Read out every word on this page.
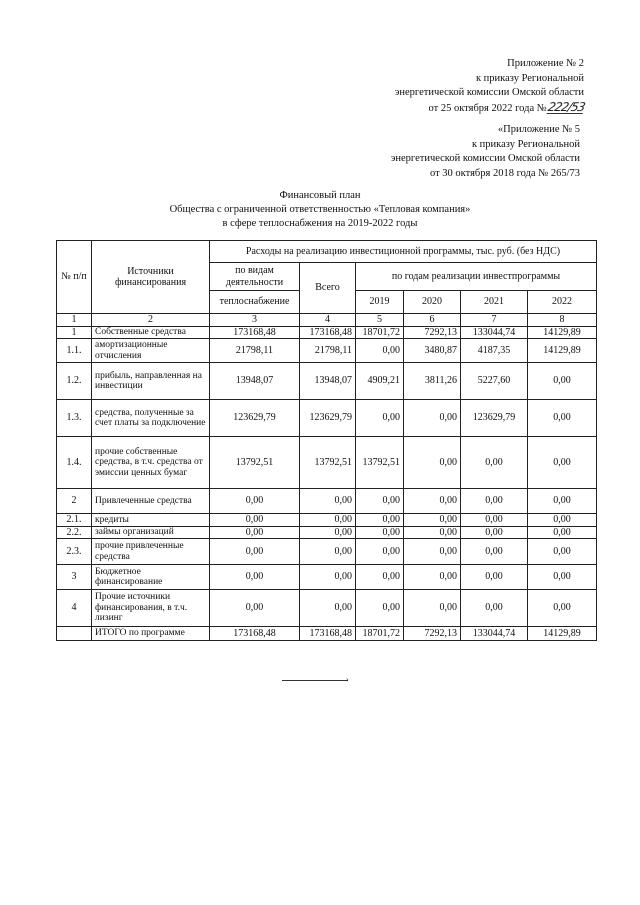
Приложение № 2
к приказу Региональной
энергетической комиссии Омской области
от 25 октября 2022 года №222/53
«Приложение № 5
к приказу Региональной
энергетической комиссии Омской области
от 30 октября 2018 года № 265/73
Финансовый план
Общества с ограниченной ответственностью «Тепловая компания»
в сфере теплоснабжения на 2019-2022 годы
№ п/п	Источники финансирования	Расходы на реализацию инвестиционной программы, тыс. руб. (без НДС)					
		по видам деятельности	Всего	по годам реализации инвестпрограммы			
		теплоснабжение		2019	2020	2021	2022
1	2	3	4	5	6	7	8
1	Собственные средства	173168,48	173168,48	18701,72	7292,13	133044,74	14129,89
1.1.	амортизационные отчисления	21798,11	21798,11	0,00	3480,87	4187,35	14129,89
1.2.	прибыль, направленная на инвестиции	13948,07	13948,07	4909,21	3811,26	5227,60	0,00
1.3.	средства, полученные за счет платы за подключение	123629,79	123629,79	0,00	0,00	123629,79	0,00
1.4.	прочие собственные средства, в т.ч. средства от эмиссии ценных бумаг	13792,51	13792,51	13792,51	0,00	0,00	0,00
2	Привлеченные средства	0,00	0,00	0,00	0,00	0,00	0,00
2.1.	кредиты	0,00	0,00	0,00	0,00	0,00	0,00
2.2.	займы организаций	0,00	0,00	0,00	0,00	0,00	0,00
2.3.	прочие привлеченные средства	0,00	0,00	0,00	0,00	0,00	0,00
3	Бюджетное финансирование	0,00	0,00	0,00	0,00	0,00	0,00
4	Прочие источники финансирования, в т.ч. лизинг	0,00	0,00	0,00	0,00	0,00	0,00
	ИТОГО по программе	173168,48	173168,48	18701,72	7292,13	133044,74	14129,89
›
